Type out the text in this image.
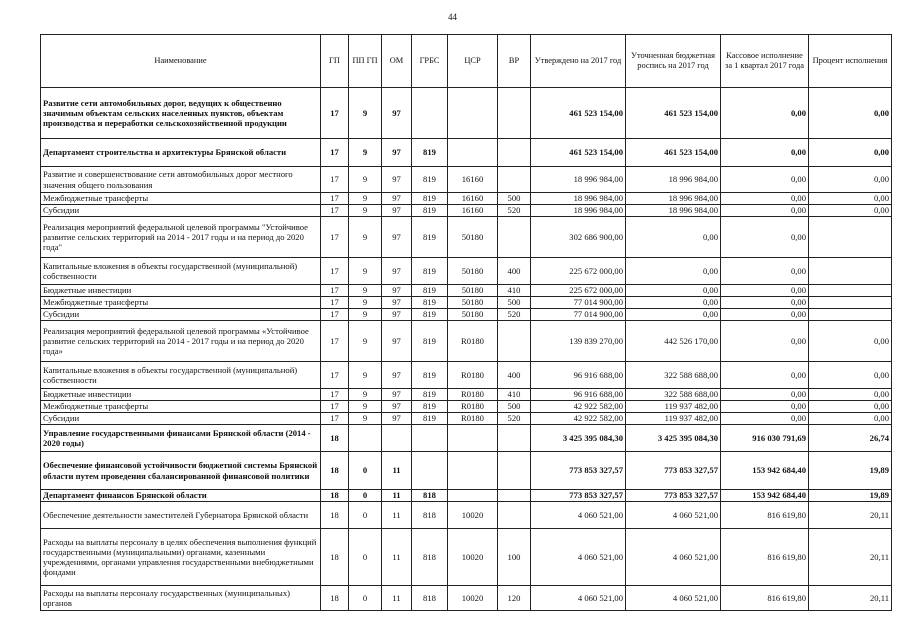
44
Наименование	ГП	ПП ГП	ОМ	ГРБС	ЦСР	ВР	Утверждено на 2017 год	Уточненная бюджетная роспись на 2017 год	Кассовое исполнение за 1 квартал 2017 года	Процент исполнения
Развитие сети автомобильных дорог, ведущих к общественно значимым объектам сельских населенных пунктов, объектам производства и переработки сельскохозяйственной продукции	17	9	97				461 523 154,00	461 523 154,00	0,00	0,00
Департамент строительства и архитектуры Брянской области	17	9	97	819			461 523 154,00	461 523 154,00	0,00	0,00
Развитие и совершенствование сети автомобильных дорог местного значения общего пользования	17	9	97	819	16160		18 996 984,00	18 996 984,00	0,00	0,00
Межбюджетные трансферты	17	9	97	819	16160	500	18 996 984,00	18 996 984,00	0,00	0,00
Субсидии	17	9	97	819	16160	520	18 996 984,00	18 996 984,00	0,00	0,00
Реализация мероприятий федеральной целевой программы "Устойчивое развитие сельских территорий на 2014 - 2017 годы и на период до 2020 года"	17	9	97	819	50180		302 686 900,00	0,00	0,00	
Капитальные вложения в объекты государственной (муниципальной) собственности	17	9	97	819	50180	400	225 672 000,00	0,00	0,00	
Бюджетные инвестиции	17	9	97	819	50180	410	225 672 000,00	0,00	0,00	
Межбюджетные трансферты	17	9	97	819	50180	500	77 014 900,00	0,00	0,00	
Субсидии	17	9	97	819	50180	520	77 014 900,00	0,00	0,00	
Реализация мероприятий федеральной целевой программы «Устойчивое развитие сельских территорий на 2014 - 2017 годы и на период до 2020 года»	17	9	97	819	R0180		139 839 270,00	442 526 170,00	0,00	0,00
Капитальные вложения в объекты государственной (муниципальной) собственности	17	9	97	819	R0180	400	96 916 688,00	322 588 688,00	0,00	0,00
Бюджетные инвестиции	17	9	97	819	R0180	410	96 916 688,00	322 588 688,00	0,00	0,00
Межбюджетные трансферты	17	9	97	819	R0180	500	42 922 582,00	119 937 482,00	0,00	0,00
Субсидии	17	9	97	819	R0180	520	42 922 582,00	119 937 482,00	0,00	0,00
Управление государственными финансами Брянской области (2014 - 2020 годы)	18						3 425 395 084,30	3 425 395 084,30	916 030 791,69	26,74
Обеспечение финансовой устойчивости бюджетной системы Брянской области путем проведения сбалансированной финансовой политики	18	0	11				773 853 327,57	773 853 327,57	153 942 684,40	19,89
Департамент финансов Брянской области	18	0	11	818			773 853 327,57	773 853 327,57	153 942 684,40	19,89
Обеспечение деятельности заместителей Губернатора Брянской области	18	0	11	818	10020		4 060 521,00	4 060 521,00	816 619,80	20,11
Расходы на выплаты персоналу в целях обеспечения выполнения функций государственными (муниципальными) органами, казенными учреждениями, органами управления государственными внебюджетными фондами	18	0	11	818	10020	100	4 060 521,00	4 060 521,00	816 619,80	20,11
Расходы на выплаты персоналу государственных (муниципальных) органов	18	0	11	818	10020	120	4 060 521,00	4 060 521,00	816 619,80	20,11
